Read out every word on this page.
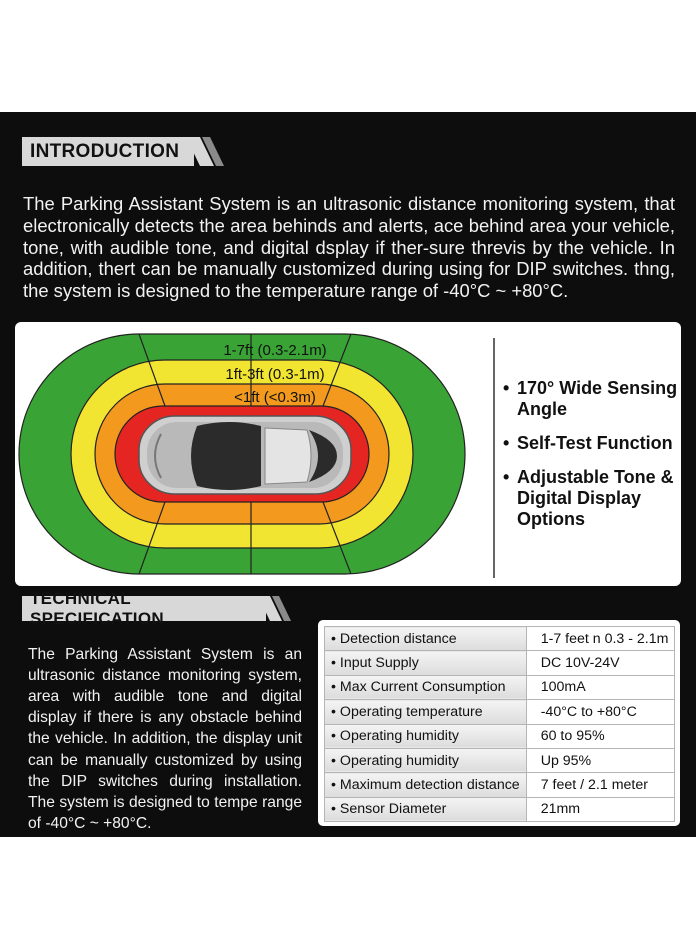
INTRODUCTION

The Parking Assistant System is an ultrasonic distance monitoring system, that electronically detects the area behinds and alerts, ace behind area your vehicle, tone, with audible tone, and digital dsplay if ther-sure threvis by the vehicle. In addition, thert can be manually customized during using for DIP switches. thng, the system is designed to the temperature range of -40°C ~ +80°C.

1-7ft (0.3-2.1m)
1ft-3ft (0.3-1m)
<1ft (<0.3m)	• 170° Wide Sensing Angle
• Self-Test Function
• Adjustable Tone & Digital Display Options
TECHNICAL SPECIFICATION

The Parking Assistant System is an ultrasonic distance monitoring system, area with audible tone and digital display if there is any obstacle behind the vehicle. In addition, the display unit can be manually customized by using the DIP switches during installation. The system is designed to tempe range of -40°C ~ +80°C.

• Detection distance	1-7 feet n 0.3 - 2.1m
• Input Supply	DC 10V-24V
• Max Current Consumption	100mA
• Operating temperature	-40°C to +80°C
• Operating humidity	60 to 95%
• Operating humidity	Up 95%
• Maximum detection distance	7 feet / 2.1 meter
• Sensor Diameter	21mm
